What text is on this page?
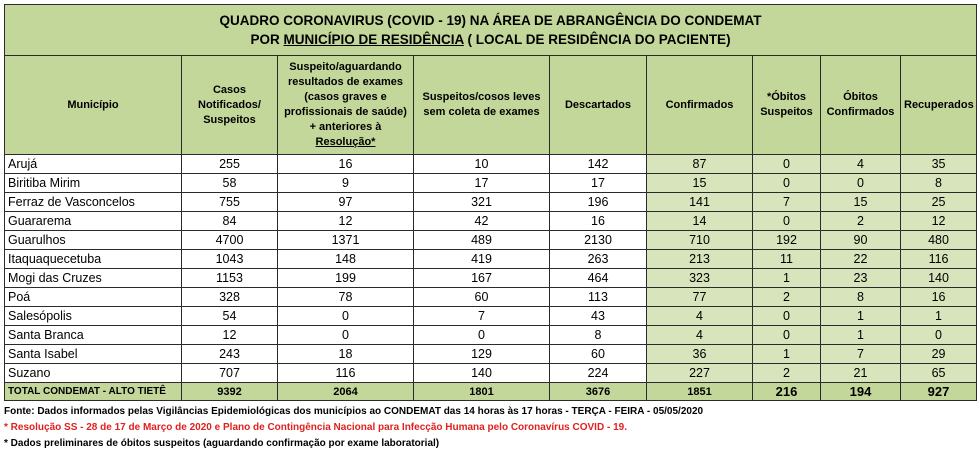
QUADRO CORONAVIRUS (COVID - 19) NA ÁREA DE ABRANGÊNCIA DO CONDEMAT
POR MUNICÍPIO DE RESIDÊNCIA ( LOCAL DE RESIDÊNCIA DO PACIENTE)								

Município	Casos Notificados/ Suspeitos	Suspeito/aguardando resultados de exames (casos graves e profissionais de saúde) + anteriores à Resolução*	Suspeitos/cosos leves sem coleta de exames	Descartados	Confirmados	*Óbitos Suspeitos	Óbitos Confirmados	Recuperados
Arujá	255	16	10	142	87	0	4	35
Biritiba Mirim	58	9	17	17	15	0	0	8
Ferraz de Vasconcelos	755	97	321	196	141	7	15	25
Guararema	84	12	42	16	14	0	2	12
Guarulhos	4700	1371	489	2130	710	192	90	480
Itaquaquecetuba	1043	148	419	263	213	11	22	116
Mogi das Cruzes	1153	199	167	464	323	1	23	140
Poá	328	78	60	113	77	2	8	16
Salesópolis	54	0	7	43	4	0	1	1
Santa Branca	12	0	0	8	4	0	1	0
Santa Isabel	243	18	129	60	36	1	7	29
Suzano	707	116	140	224	227	2	21	65
TOTAL CONDEMAT - ALTO TIETÊ	9392	2064	1801	3676	1851	216	194	927
Fonte: Dados informados pelas Vigilâncias Epidemiológicas dos municípios ao CONDEMAT das 14 horas às 17 horas - TERÇA - FEIRA - 05/05/2020
* Resolução SS - 28 de 17 de Março de 2020 e Plano de Contingência Nacional para Infecção Humana pelo Coronavírus COVID - 19.
* Dados preliminares de óbitos suspeitos (aguardando confirmação por exame laboratorial)
